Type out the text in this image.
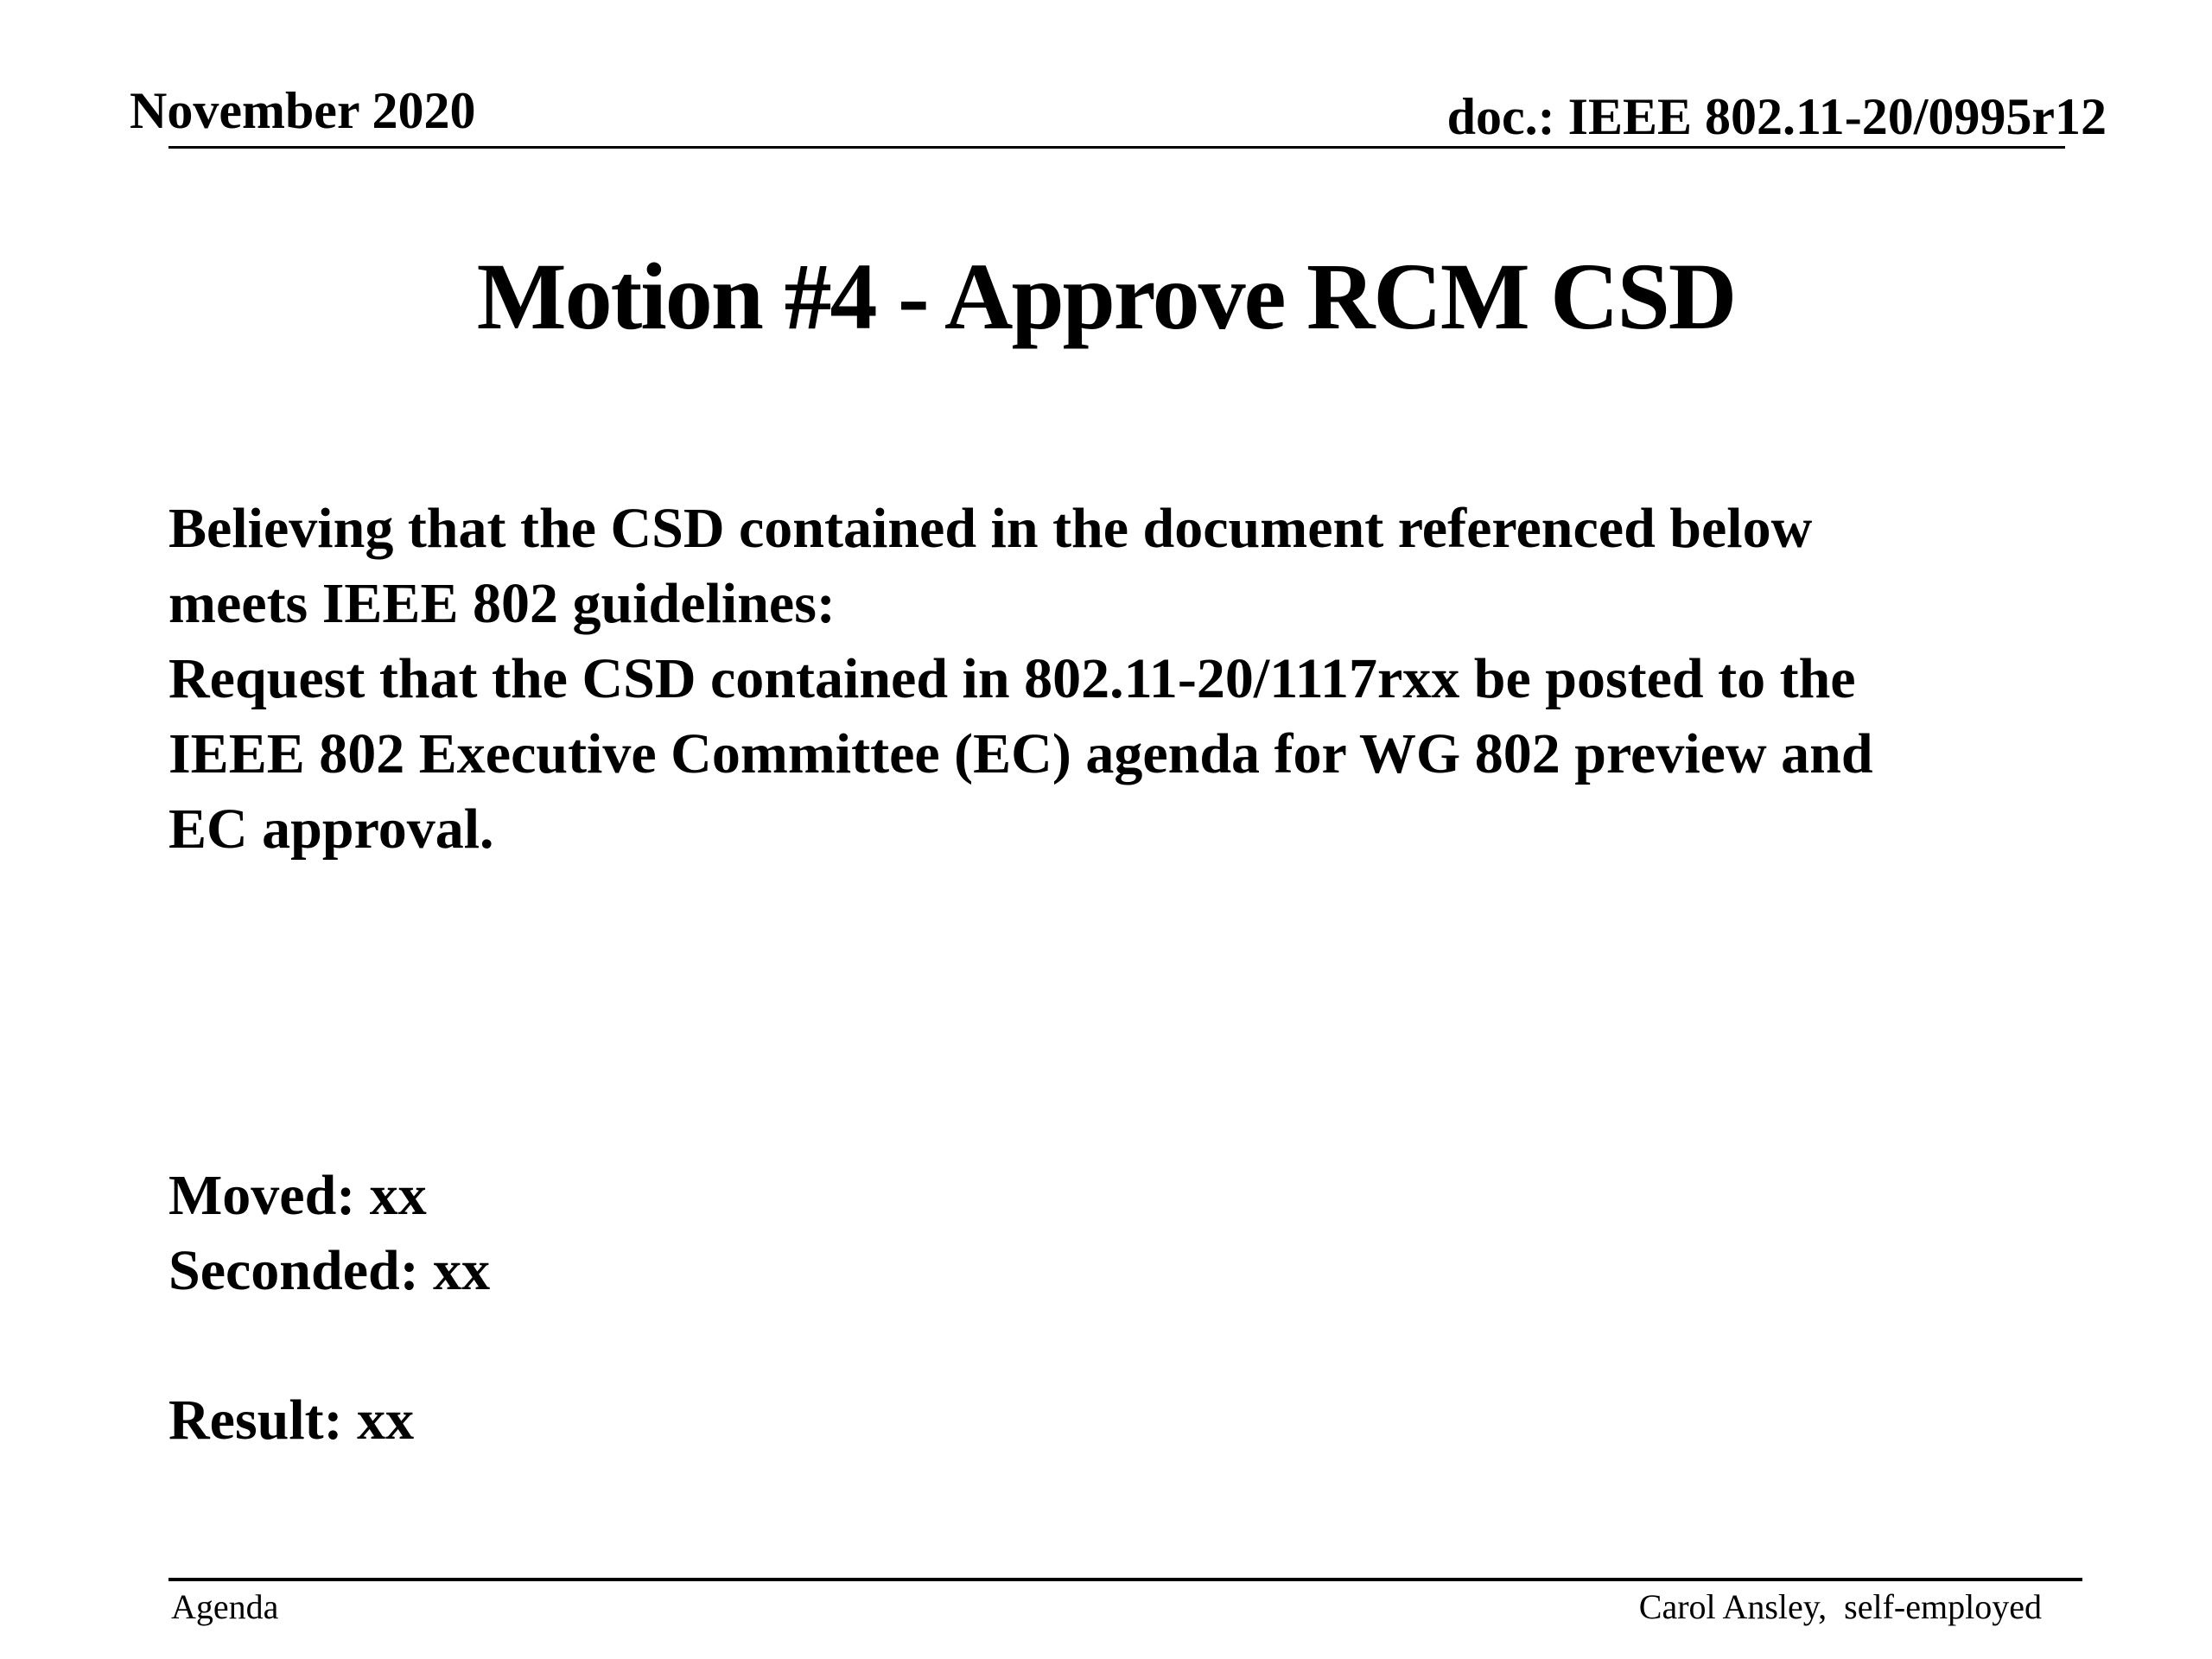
November 2020	doc.: IEEE 802.11-20/0995r12
Motion #4 - Approve RCM CSD
Believing that the CSD contained in the document referenced below
meets IEEE 802 guidelines:
Request that the CSD contained in 802.11-20/1117rxx be posted to the
IEEE 802 Executive Committee (EC) agenda for WG 802 preview and
EC approval.
Moved: xx
Seconded: xx
Result: xx
Agenda	Carol Ansley,  self-employed
